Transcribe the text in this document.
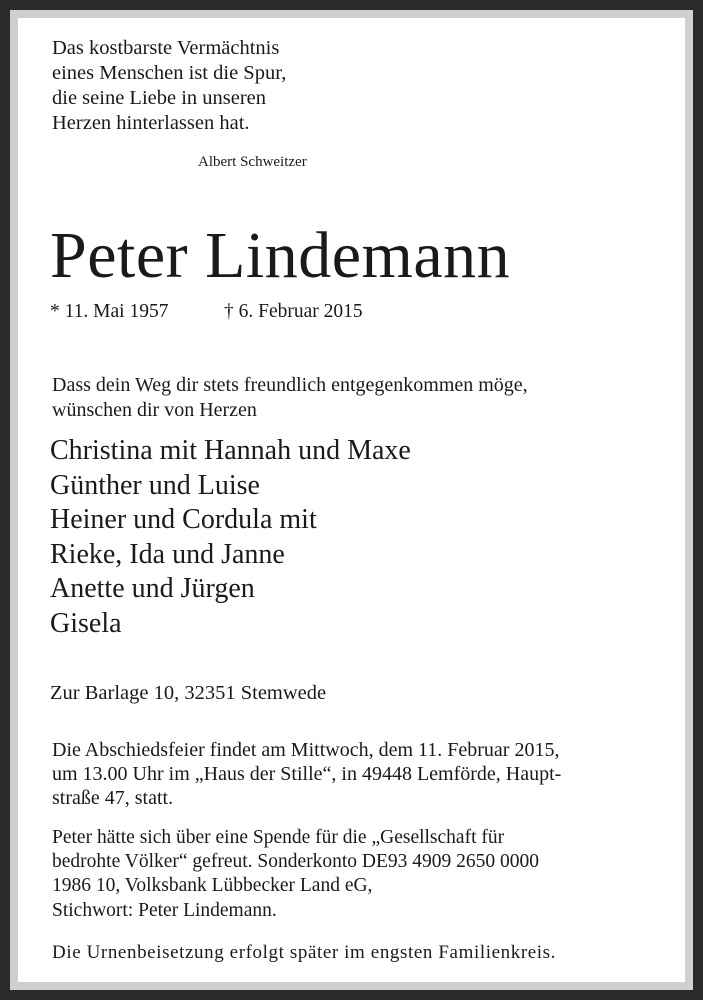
Das kostbarste Vermächtnis
eines Menschen ist die Spur,
die seine Liebe in unseren
Herzen hinterlassen hat.
Albert Schweitzer
Peter Lindemann
* 11. Mai 1957	† 6. Februar 2015
Dass dein Weg dir stets freundlich entgegenkommen möge,
wünschen dir von Herzen
Christina mit Hannah und Maxe
Günther und Luise
Heiner und Cordula mit
Rieke, Ida und Janne
Anette und Jürgen
Gisela
Zur Barlage 10, 32351 Stemwede
Die Abschiedsfeier findet am Mittwoch, dem 11. Februar 2015,
um 13.00 Uhr im „Haus der Stille“, in 49448 Lemförde, Haupt-
straße 47, statt.
Peter hätte sich über eine Spende für die „Gesellschaft für
bedrohte Völker“ gefreut. Sonderkonto DE93 4909 2650 0000
1986 10, Volksbank Lübbecker Land eG,
Stichwort: Peter Lindemann.
Die Urnenbeisetzung erfolgt später im engsten Familienkreis.
